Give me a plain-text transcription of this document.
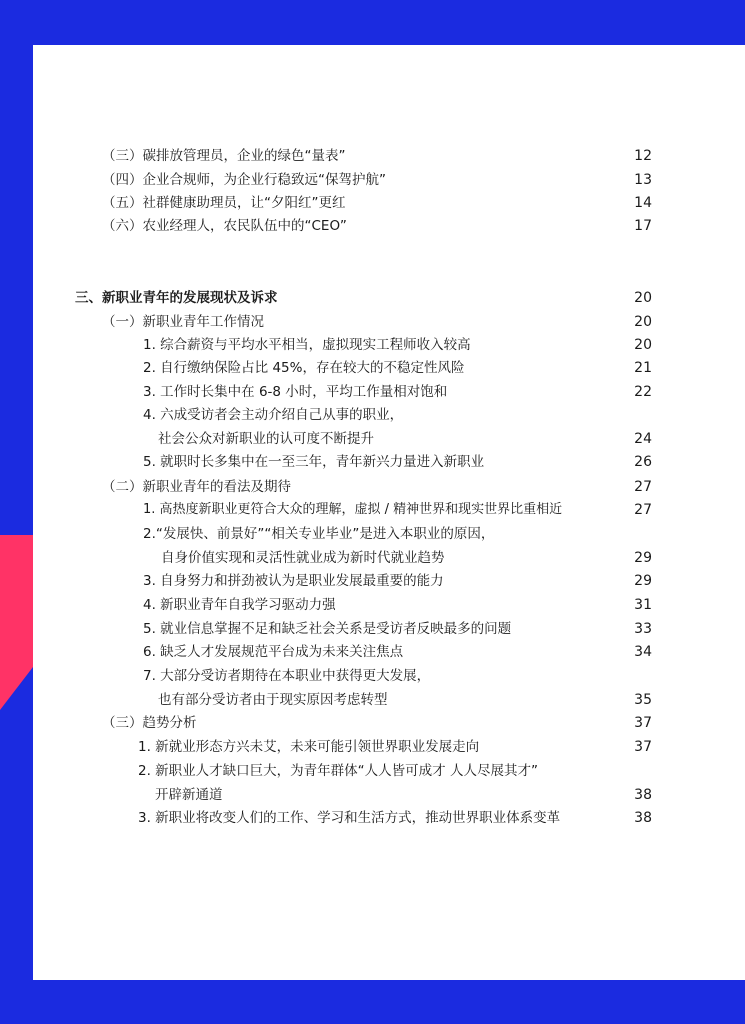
（三）碳排放管理员，企业的绿色“量表”	12
（四）企业合规师，为企业行稳致远“保驾护航”	13
（五）社群健康助理员，让“夕阳红”更红	14
（六）农业经理人，农民队伍中的“CEO”	17
三、新职业青年的发展现状及诉求	20
（一）新职业青年工作情况	20
1. 综合薪资与平均水平相当，虚拟现实工程师收入较高	20
2. 自行缴纳保险占比 45%，存在较大的不稳定性风险	21
3. 工作时长集中在 6-8 小时，平均工作量相对饱和	22
4. 六成受访者会主动介绍自己从事的职业，
社会公众对新职业的认可度不断提升	24
5. 就职时长多集中在一至三年，青年新兴力量进入新职业	26
（二）新职业青年的看法及期待	27
1. 高热度新职业更符合大众的理解，虚拟 / 精神世界和现实世界比重相近	27
2.“发展快、前景好”“相关专业毕业”是进入本职业的原因，
自身价值实现和灵活性就业成为新时代就业趋势	29
3. 自身努力和拼劲被认为是职业发展最重要的能力	29
4. 新职业青年自我学习驱动力强	31
5. 就业信息掌握不足和缺乏社会关系是受访者反映最多的问题	33
6. 缺乏人才发展规范平台成为未来关注焦点	34
7. 大部分受访者期待在本职业中获得更大发展，
也有部分受访者由于现实原因考虑转型	35
（三）趋势分析	37
1. 新就业形态方兴未艾，未来可能引领世界职业发展走向	37
2. 新职业人才缺口巨大，为青年群体“人人皆可成才 人人尽展其才”
开辟新通道	38
3. 新职业将改变人们的工作、学习和生活方式，推动世界职业体系变革	38
